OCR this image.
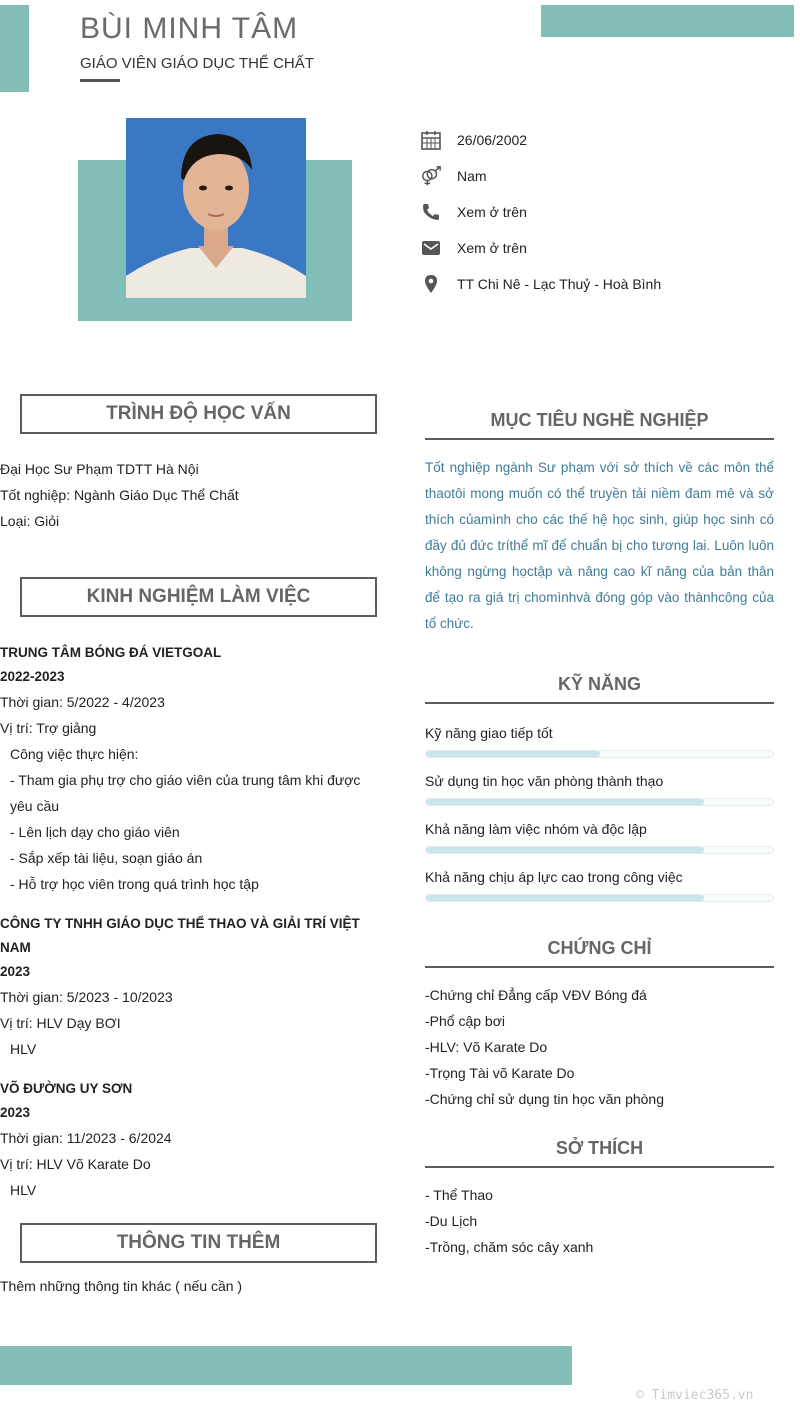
BÙI MINH TÂM
GIÁO VIÊN GIÁO DỤC THỂ CHẤT
26/06/2002
Nam
Xem ở trên
Xem ở trên
TT Chi Nê - Lạc Thuỷ - Hoà Bình
TRÌNH ĐỘ HỌC VẤN
Đại Học Sư Phạm TDTT Hà Nội
Tốt nghiệp: Ngành Giáo Dục Thể Chất
Loại: Giỏi
KINH NGHIỆM LÀM VIỆC
TRUNG TÂM BÓNG ĐÁ VIETGOAL
2022-2023
Thời gian: 5/2022 - 4/2023
Vị trí: Trợ giảng
Công việc thực hiện:
- Tham gia phụ trợ cho giáo viên của trung tâm khi được
yêu cầu
- Lên lịch dạy cho giáo viên
- Sắp xếp tài liệu, soạn giáo án
- Hỗ trợ học viên trong quá trình học tập
CÔNG TY TNHH GIÁO DỤC THỂ THAO VÀ GIẢI TRÍ VIỆT
NAM
2023
Thời gian: 5/2023 - 10/2023
Vị trí: HLV Dạy BƠI
HLV
VÕ ĐƯỜNG UY SƠN
2023
Thời gian: 11/2023 - 6/2024
Vị trí: HLV Võ Karate Do
HLV
THÔNG TIN THÊM
Thêm những thông tin khác ( nếu cần )
MỤC TIÊU NGHỀ NGHIỆP
Tốt nghiệp ngành Sư phạm với sở thích về các môn thể thaotôi mong muốn có thể truyền tải niềm đam mê và sở thích củamình cho các thế hệ học sinh, giúp học sinh có đầy đủ đức tríthể mĩ để chuẩn bị cho tương lai. Luôn luôn không ngừng họctập và nâng cao kĩ năng của bản thân để tạo ra giá trị chomìnhvà đóng góp vào thànhcông của tổ chức.
KỸ NĂNG
Kỹ năng giao tiếp tốt
Sử dụng tin học văn phòng thành thạo
Khả năng làm việc nhóm và độc lập
Khả năng chịu áp lực cao trong công việc
CHỨNG CHỈ
-Chứng chỉ Đẳng cấp VĐV Bóng đá
-Phổ cập bơi
-HLV: Võ Karate Do
-Trọng Tài võ Karate Do
-Chứng chỉ sử dụng tin học văn phòng
SỞ THÍCH
- Thể Thao
-Du Lịch
-Trồng, chăm sóc cây xanh
© Timviec365.vn
